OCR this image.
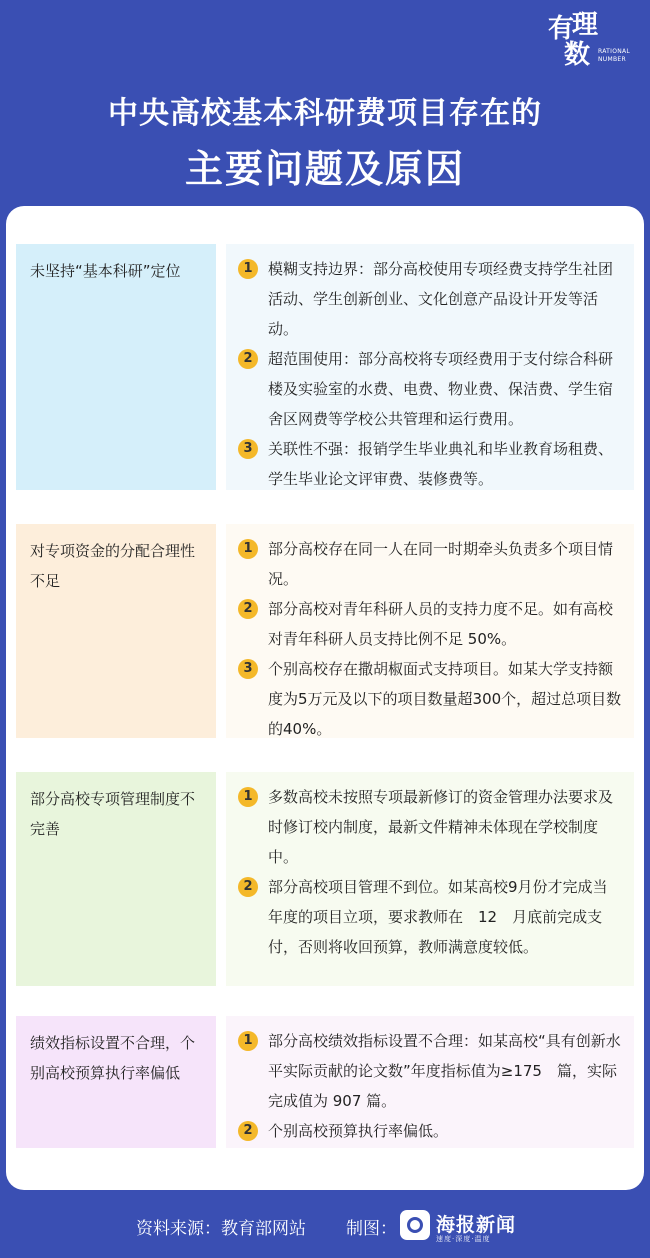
有
理
数 RATIONAL
NUMBER
中央高校基本科研费项目存在的
主要问题及原因
未坚持“基本科研”定位	1	模糊支持边界：部分高校使用专项经费支持学生社团活动、学生创新创业、文化创意产品设计开发等活动。
2	超范围使用：部分高校将专项经费用于支付综合科研楼及实验室的水费、电费、物业费、保洁费、学生宿舍区网费等学校公共管理和运行费用。
3	关联性不强：报销学生毕业典礼和毕业教育场租费、学生毕业论文评审费、装修费等。
对专项资金的分配合理性不足
1	部分高校存在同一人在同一时期牵头负责多个项目情况。
2	部分高校对青年科研人员的支持力度不足。如有高校对青年科研人员支持比例不足 50%。
3	个别高校存在撒胡椒面式支持项目。如某大学支持额度为5万元及以下的项目数量超300个，超过总项目数的40%。
部分高校专项管理制度不完善
1	多数高校未按照专项最新修订的资金管理办法要求及时修订校内制度，最新文件精神未体现在学校制度中。
2	部分高校项目管理不到位。如某高校9月份才完成当年度的项目立项，要求教师在　12　月底前完成支付，否则将收回预算，教师满意度较低。
绩效指标设置不合理，个别高校预算执行率偏低
1	部分高校绩效指标设置不合理：如某高校“具有创新水平实际贡献的论文数”年度指标值为≥175　篇，实际完成值为 907 篇。
2	个别高校预算执行率偏低。
资料来源：教育部网站 制图： 海报新闻
速度·深度·温度
